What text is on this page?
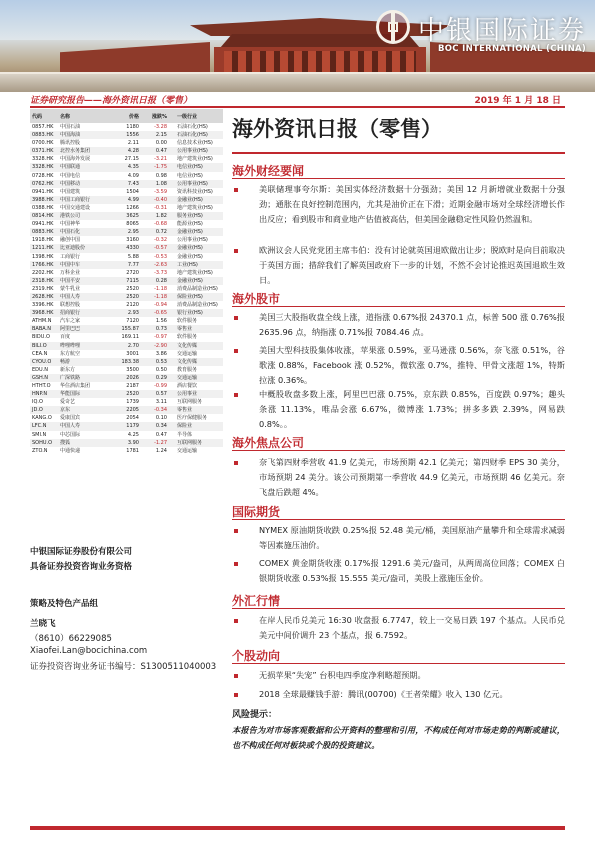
中银国际证券
BOC INTERNATIONAL (CHINA)
证券研究报告——海外资讯日报（零售）	2019 年 1 月 18 日
代码	名称	价格	涨跌%	一级行业
0857.HK	中国石油	1180	-3.28	石油石化(HS)
0883.HK	中国海油	1556	2.15	石油石化(HS)
0700.HK	腾讯控股	2.11	0.00	信息技术业(HS)
0371.HK	北控水务集团	4.28	0.47	公用事业(HS)
3328.HK	中国海外发展	27.15	-3.21	地产建筑业(HS)
3328.HK	中国联通	4.35	-1.75	电信业(HS)
0728.HK	中国电信	4.09	0.98	电信业(HS)
0762.HK	中国移动	7.43	1.08	公用事业(HS)
0941.HK	中国建筑	1504	-3.59	资讯科技业(HS)
3988.HK	中国工商银行	4.99	-0.40	金融业(HS)
0388.HK	中国交通建设	1266	-0.31	地产建筑业(HS)
0814.HK	港铁公司	3625	1.82	服务业(HS)
0941.HK	中国神华	8065	-0.68	能源业(HS)
0883.HK	中国石化	2.95	0.72	金融业(HS)
1918.HK	融创中国	3160	-0.32	公用事业(HS)
1211.HK	比亚迪股份	4330	-0.57	金融业(HS)
1398.HK	工商银行	5.88	-0.53	金融业(HS)
1766.HK	中国中车	7.77	-2.63	工业(HS)
2202.HK	万科企业	2720	-3.73	地产建筑业(HS)
2318.HK	中国平安	7115	0.28	金融业(HS)
2319.HK	蒙牛乳业	2520	-1.18	消费品制造业(HS)
2628.HK	中国人寿	2520	-1.18	保险业(HS)
3396.HK	联想控股	2120	-0.94	消费品制造业(HS)
3968.HK	招商银行	2.93	-0.65	银行业(HS)
ATHM.N	汽车之家	7120	1.56	软件服务
BABA.N	阿里巴巴	155.87	0.73	零售业
BIDU.O	百度	169.11	-0.97	软件服务
BILI.O	哔哩哔哩	2.70	-2.90	文化传媒
CEA.N	东方航空	3001	3.86	交通运输
CYOU.O	畅游	183.38	0.53	文化传媒
EDU.N	新东方	3500	0.50	教育服务
GSH.N	广深铁路	2026	0.29	交通运输
HTHT.O	华住酒店集团	2187	-0.99	酒店餐饮
HNP.N	华能国际	2520	0.57	公用事业
IQ.O	爱奇艺	1739	3.11	互联网服务
JD.O	京东	2205	-0.34	零售业
KANG.O	爱康国宾	2054	0.10	医疗保健服务
LFC.N	中国人寿	1179	0.34	保险业
SMI.N	中芯国际	4.25	0.47	半导体
SOHU.O	搜狐	3.90	-1.27	互联网服务
ZTO.N	中通快递	1781	1.24	交通运输
中银国际证券股份有限公司
具备证券投资咨询业务资格
策略及特色产品组
兰晓飞
（8610）66229085
Xiaofei.Lan@bocichina.com
证券投资咨询业务证书编号：S1300511040003
海外资讯日报（零售）
海外财经要闻
美联储理事夸尔斯：美国实体经济数据十分强劲；美国 12 月新增就业数据十分强劲；通胀在良好控制范围内，尤其是油价正在下滑；近期金融市场对全球经济增长作出反应；看到股市和商业地产估值被高估，但美国金融稳定性风险仍然温和。
欧洲议会人民党党团主席韦伯：没有讨论就英国退欧做出让步；脱欧时是向目前取决于英国方面；措辞我们了解英国政府下一步的计划，不然不会讨论推迟英国退欧生效日。
海外股市
美国三大股指收盘全线上涨，道指涨 0.67%报 24370.1 点，标普 500 涨 0.76%报 2635.96 点，纳指涨 0.71%报 7084.46 点。
美国大型科技股集体收涨，苹果涨 0.59%，亚马逊涨 0.56%，奈飞涨 0.51%，谷歌涨 0.88%，Facebook 涨 0.52%，微软涨 0.7%，推特、甲骨文涨超 1%，特斯拉涨 0.36%。
中概股收盘多数上涨，阿里巴巴涨 0.75%，京东跌 0.85%，百度跌 0.97%；趣头条涨 11.13%，唯品会涨 6.67%，微博涨 1.73%；拼多多跌 2.39%，网易跌 0.8%。。
海外焦点公司
奈飞第四财季营收 41.9 亿美元，市场预期 42.1 亿美元；第四财季 EPS 30 美分，市场预期 24 美分。该公司预期第一季营收 44.9 亿美元，市场预期 46 亿美元。奈飞盘后跌超 4%。
国际期货
NYMEX 原油期货收跌 0.25%报 52.48 美元/桶，美国原油产量攀升和全球需求减弱等因素施压油价。
COMEX 黄金期货收涨 0.17%报 1291.6 美元/盎司，从两周高位回落；COMEX 白银期货收涨 0.53%报 15.555 美元/盎司，美股上涨施压金价。
外汇行情
在岸人民币兑美元 16:30 收盘报 6.7747，较上一交易日跌 197 个基点。人民币兑美元中间价调升 23 个基点，报 6.7592。
个股动向
无损苹果“失宠” 台积电四季度净利略超预期。
2018 全球最赚钱手游：腾讯(00700)《王者荣耀》收入 130 亿元。
风险提示：
本报告为对市场客观数据和公开资料的整理和引用，不构成任何对市场走势的判断或建议，也不构成任何对板块或个股的投资建议。
